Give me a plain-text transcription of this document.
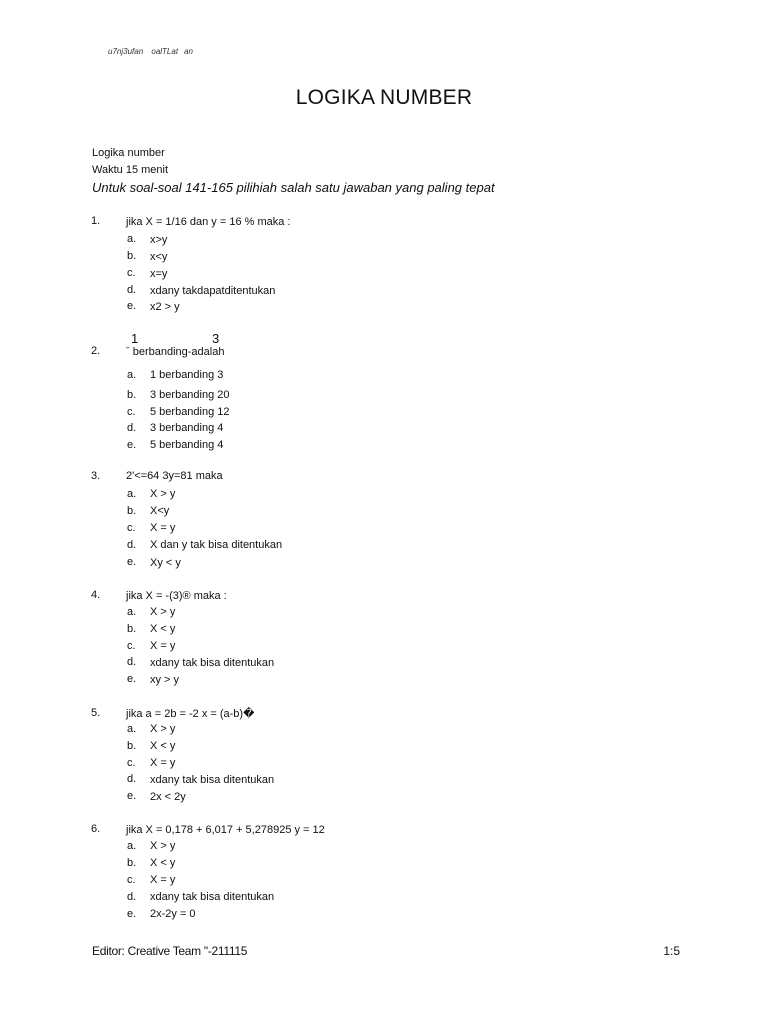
u7nj3ufan  oalTLat an
LOGIKA NUMBER
Logika number
Waktu 15 menit
Untuk soal-soal 141-165 pilihiah salah satu jawaban yang paling tepat
1. jika X = 1/16 dan y = 16 % maka :
a. x>y
b. x<y
c. x=y
d. xdany takdapatditentukan
e. x2 > y
1	3
2. ˉ berbanding-adalah
a. 1 berbanding 3
b. 3 berbanding 20
c. 5 berbanding 12
d. 3 berbanding 4
e. 5 berbanding 4
3. 2'<=64 3y=81 maka
a. X > y
b. X<y
c. X = y
d. X dan y tak bisa ditentukan
e. Xy < y
4. jika X = -(3)® maka :
a. X > y
b. X < y
c. X = y
d. xdany tak bisa ditentukan
e. xy > y
5. jika a = 2b = -2 x = (a-b)�
a. X > y
b. X < y
c. X = y
d. xdany tak bisa ditentukan
e. 2x < 2y
6. jika X = 0,178 + 6,017 + 5,278925 y = 12
a. X > y
b. X < y
c. X = y
d. xdany tak bisa ditentukan
e. 2x-2y = 0
Editor: Creative Team "-211115	1:5
